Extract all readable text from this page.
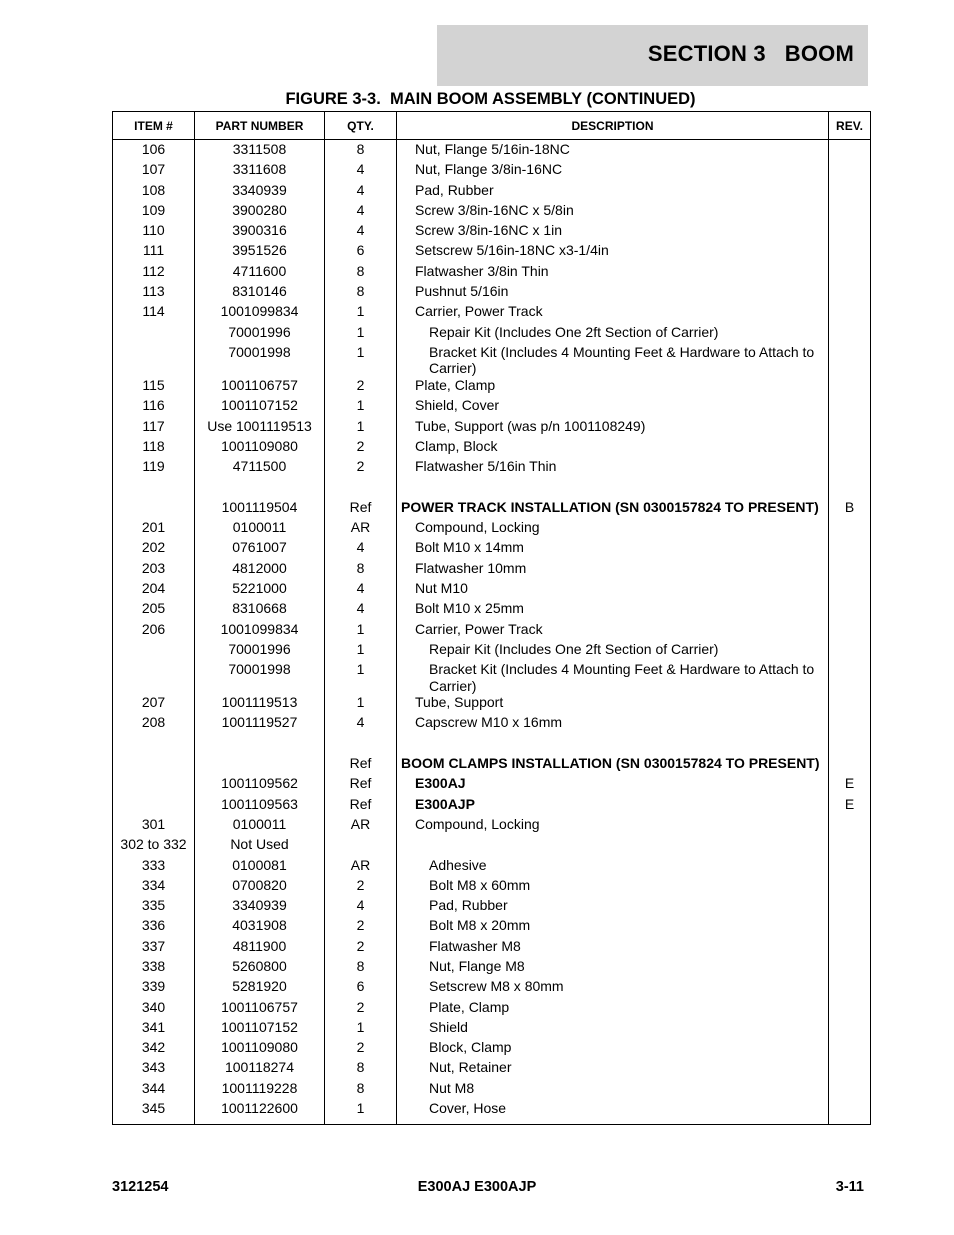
SECTION 3   BOOM
FIGURE 3-3.  MAIN BOOM ASSEMBLY (CONTINUED)
ITEM #	PART NUMBER	QTY.	DESCRIPTION	REV.
106	3311508	8	Nut, Flange 5/16in-18NC	
107	3311608	4	Nut, Flange 3/8in-16NC	
108	3340939	4	Pad, Rubber	
109	3900280	4	Screw 3/8in-16NC x 5/8in	
110	3900316	4	Screw 3/8in-16NC x 1in	
111	3951526	6	Setscrew 5/16in-18NC x3-1/4in	
112	4711600	8	Flatwasher 3/8in Thin	
113	8310146	8	Pushnut 5/16in	
114	1001099834	1	Carrier, Power Track	
	70001996	1	Repair Kit (Includes One 2ft Section of Carrier)	
	70001998	1	Bracket Kit (Includes 4 Mounting Feet & Hardware to Attach to Carrier)	
115	1001106757	2	Plate, Clamp	
116	1001107152	1	Shield, Cover	
117	Use 1001119513	1	Tube, Support (was p/n 1001108249)	
118	1001109080	2	Clamp, Block	
119	4711500	2	Flatwasher 5/16in Thin	

	1001119504	Ref	POWER TRACK INSTALLATION (SN 0300157824 TO PRESENT)	B
201	0100011	AR	Compound, Locking	
202	0761007	4	Bolt M10 x 14mm	
203	4812000	8	Flatwasher 10mm	
204	5221000	4	Nut M10	
205	8310668	4	Bolt M10 x 25mm	
206	1001099834	1	Carrier, Power Track	
	70001996	1	Repair Kit (Includes One 2ft Section of Carrier)	
	70001998	1	Bracket Kit (Includes 4 Mounting Feet & Hardware to Attach to Carrier)	
207	1001119513	1	Tube, Support	
208	1001119527	4	Capscrew M10 x 16mm	

		Ref	BOOM CLAMPS INSTALLATION (SN 0300157824 TO PRESENT)	
	1001109562	Ref	E300AJ	E
	1001109563	Ref	E300AJP	E
301	0100011	AR	Compound, Locking	
302 to 332	Not Used			
333	0100081	AR	Adhesive	
334	0700820	2	Bolt M8 x 60mm	
335	3340939	4	Pad, Rubber	
336	4031908	2	Bolt M8 x 20mm	
337	4811900	2	Flatwasher M8	
338	5260800	8	Nut, Flange M8	
339	5281920	6	Setscrew M8 x 80mm	
340	1001106757	2	Plate, Clamp	
341	1001107152	1	Shield	
342	1001109080	2	Block, Clamp	
343	100118274	8	Nut, Retainer	
344	1001119228	8	Nut M8	
345	1001122600	1	Cover, Hose	
3121254	E300AJ E300AJP	3-11
